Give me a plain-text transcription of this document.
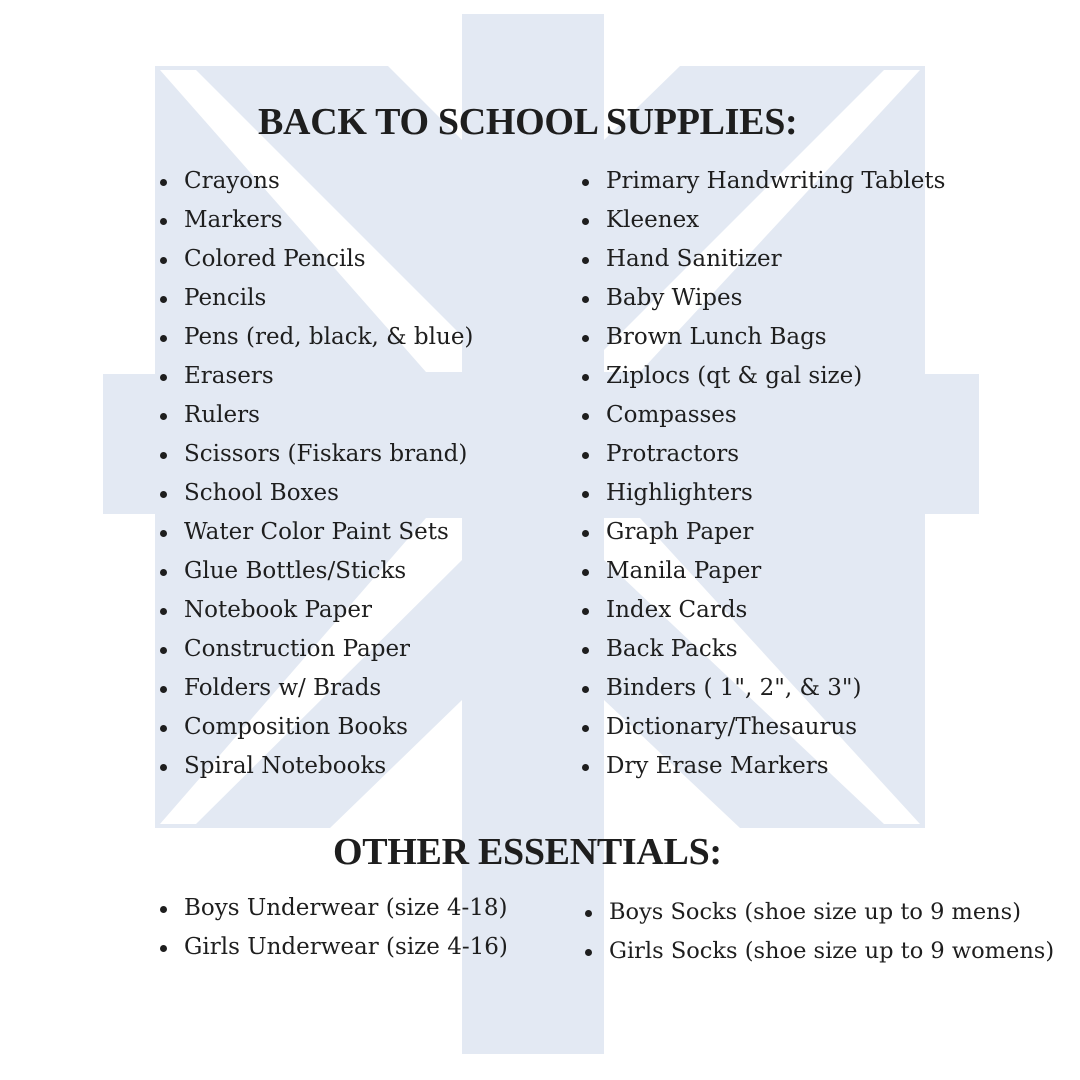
BACK TO SCHOOL SUPPLIES:
Crayons
Markers
Colored Pencils
Pencils
Pens (red, black, & blue)
Erasers
Rulers
Scissors (Fiskars brand)
School Boxes
Water Color Paint Sets
Glue Bottles/Sticks
Notebook Paper
Construction Paper
Folders w/ Brads
Composition Books
Spiral Notebooks
Primary Handwriting Tablets
Kleenex
Hand Sanitizer
Baby Wipes
Brown Lunch Bags
Ziplocs (qt & gal size)
Compasses
Protractors
Highlighters
Graph Paper
Manila Paper
Index Cards
Back Packs
Binders ( 1", 2", & 3")
Dictionary/Thesaurus
Dry Erase Markers
OTHER ESSENTIALS:
Boys Underwear (size 4-18)
Girls Underwear (size 4-16)
Boys Socks (shoe size up to 9 mens)
Girls Socks (shoe size up to 9 womens)
